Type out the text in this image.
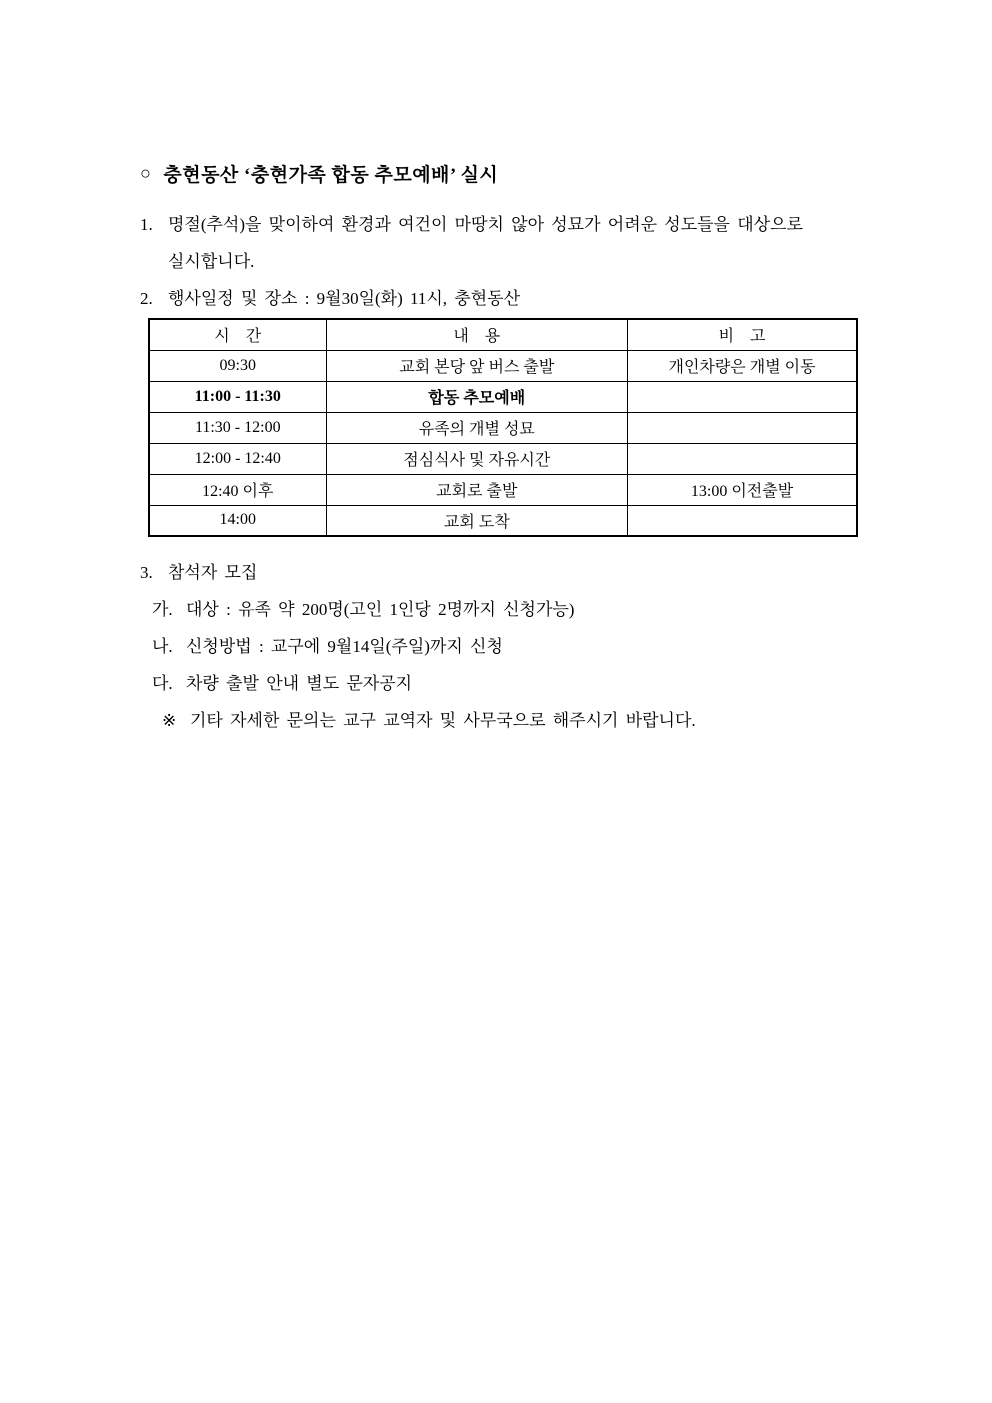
○ 충현동산 ‘충현가족 합동 추모예배’ 실시
1. 명절(추석)을 맞이하여 환경과 여건이 마땅치 않아 성묘가 어려운 성도들을 대상으로
실시합니다.
2. 행사일정 및 장소 : 9월30일(화) 11시, 충현동산
시　간	내　용	비　고
09:30	교회 본당 앞 버스 출발	개인차량은 개별 이동
11:00 - 11:30	합동 추모예배	
11:30 - 12:00	유족의 개별 성묘	
12:00 - 12:40	점심식사 및 자유시간	
12:40 이후	교회로 출발	13:00 이전출발
14:00	교회 도착	
3. 참석자 모집
가. 대상 : 유족 약 200명(고인 1인당 2명까지 신청가능)
나. 신청방법 : 교구에 9월14일(주일)까지 신청
다. 차량 출발 안내 별도 문자공지
※ 기타 자세한 문의는 교구 교역자 및 사무국으로 해주시기 바랍니다.
